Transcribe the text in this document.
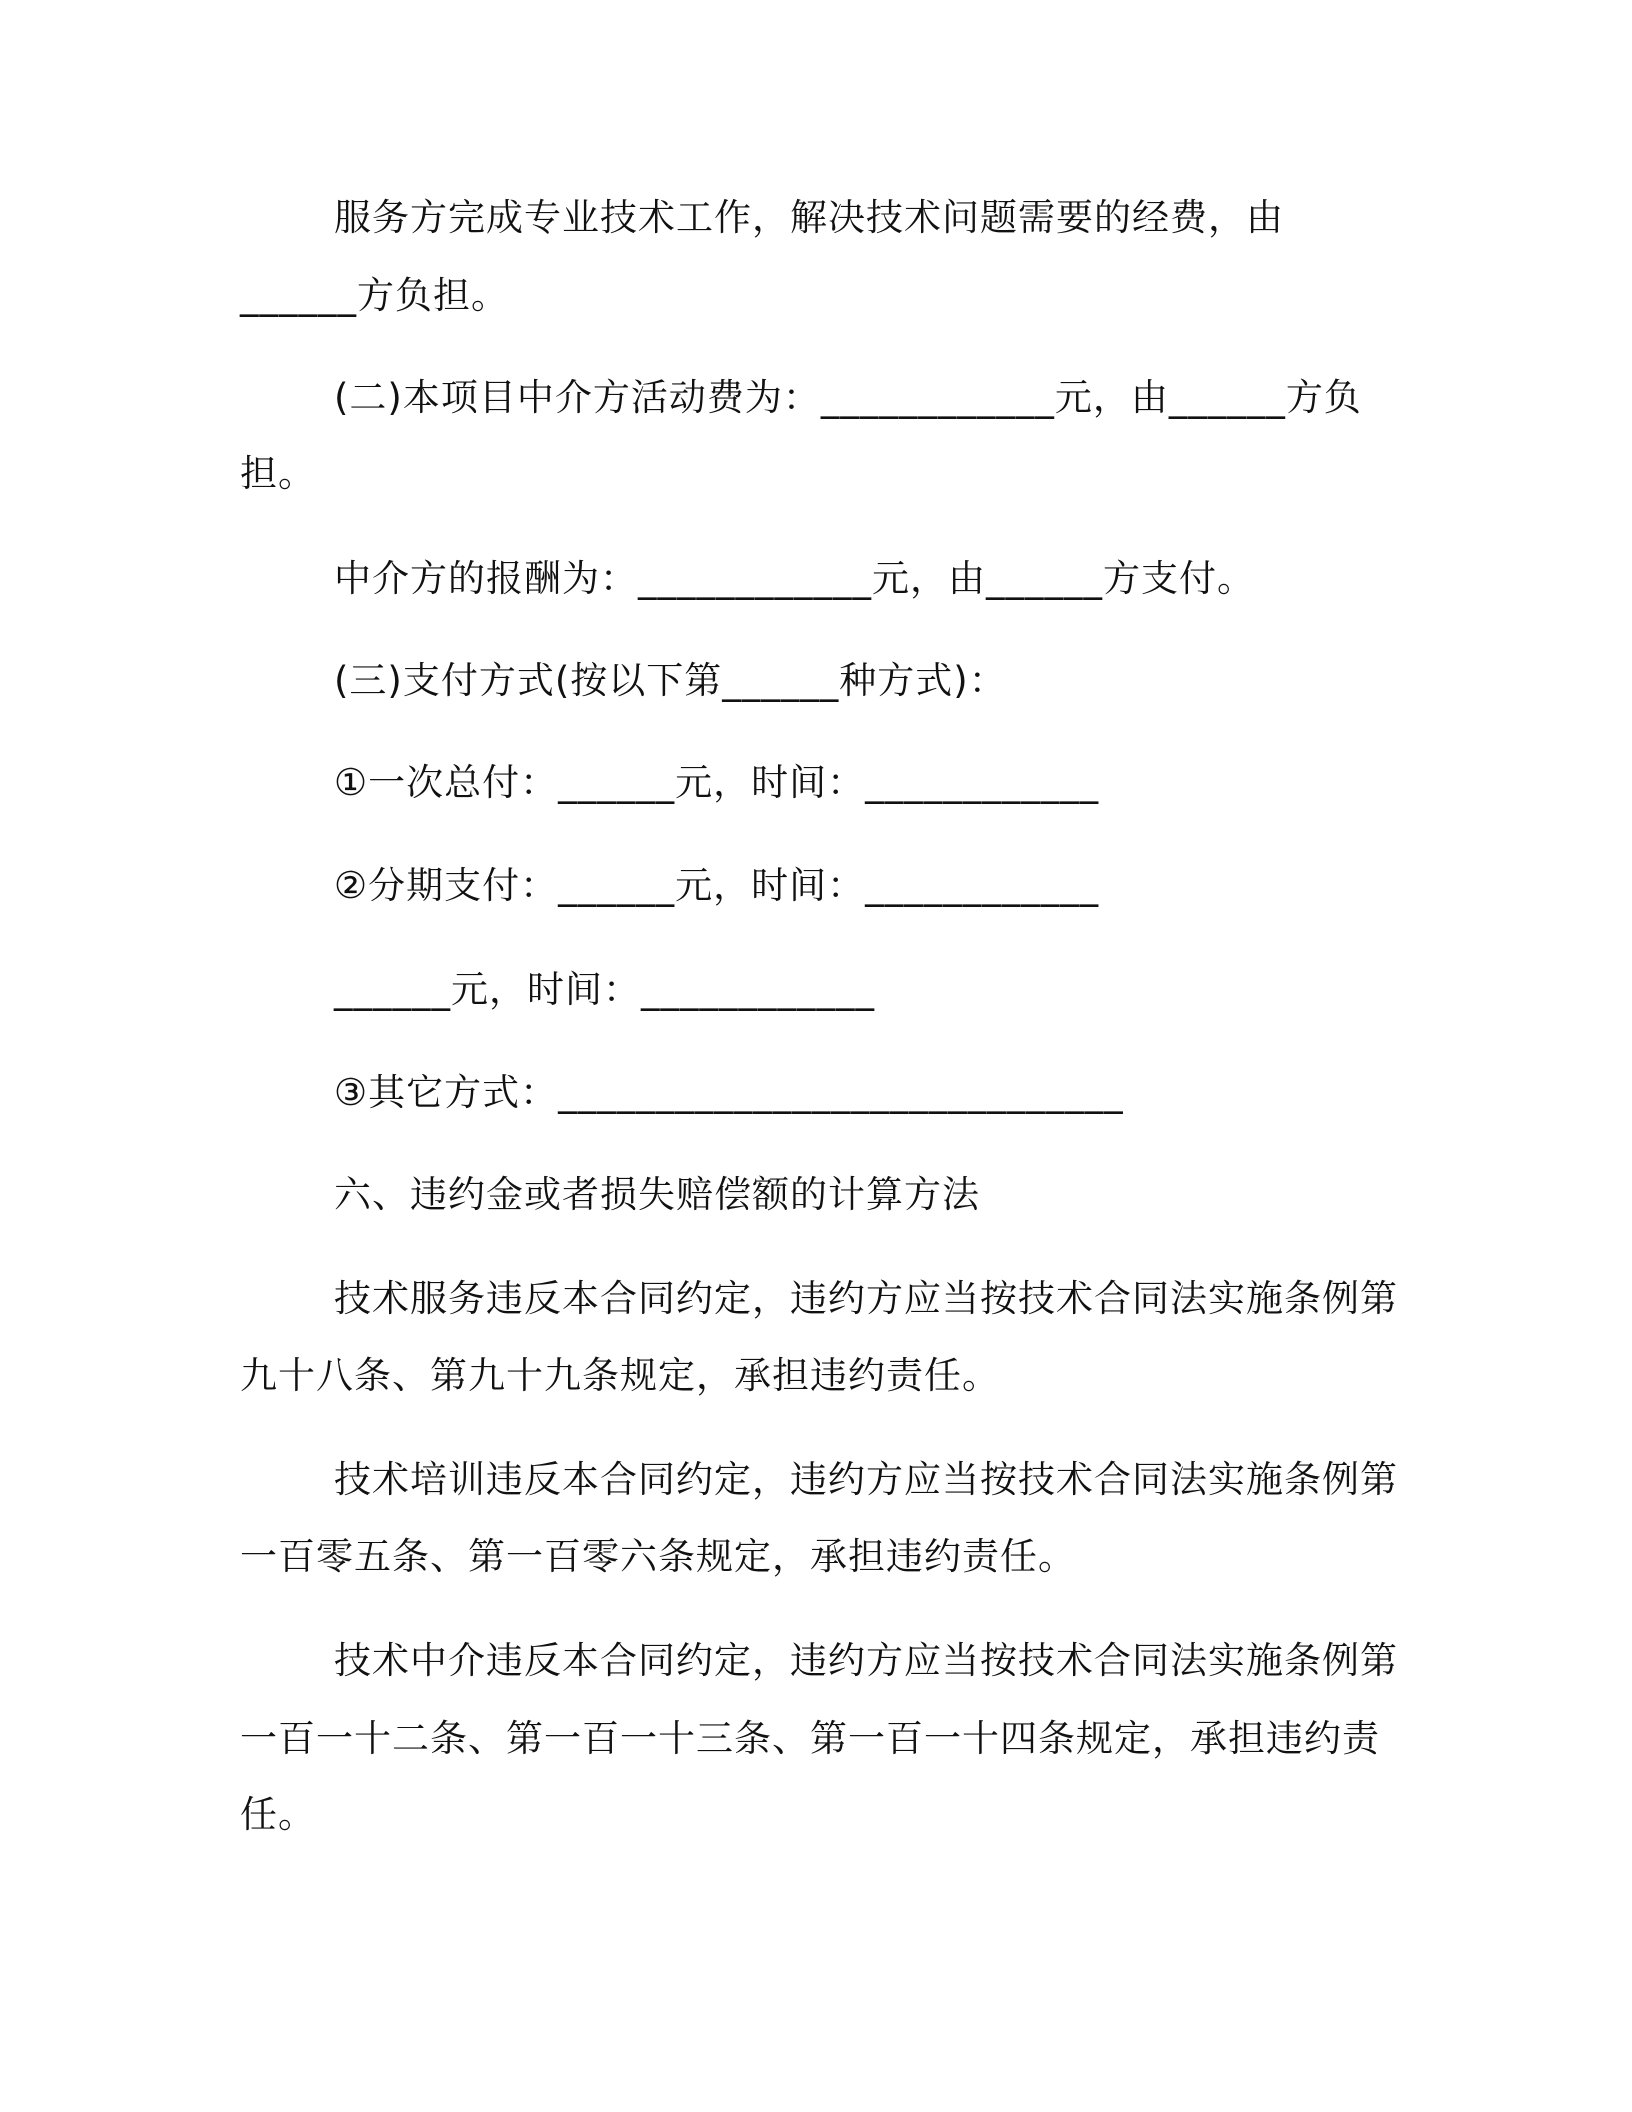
服务方完成专业技术工作，解决技术问题需要的经费，由
______方负担。
(二)本项目中介方活动费为：____________元，由______方负
担。
中介方的报酬为：____________元，由______方支付。
(三)支付方式(按以下第______种方式)：
①一次总付：______元，时间：____________
②分期支付：______元，时间：____________
______元，时间：____________
③其它方式：_____________________________
六、违约金或者损失赔偿额的计算方法
技术服务违反本合同约定，违约方应当按技术合同法实施条例第
九十八条、第九十九条规定，承担违约责任。
技术培训违反本合同约定，违约方应当按技术合同法实施条例第
一百零五条、第一百零六条规定，承担违约责任。
技术中介违反本合同约定，违约方应当按技术合同法实施条例第
一百一十二条、第一百一十三条、第一百一十四条规定，承担违约责
任。
